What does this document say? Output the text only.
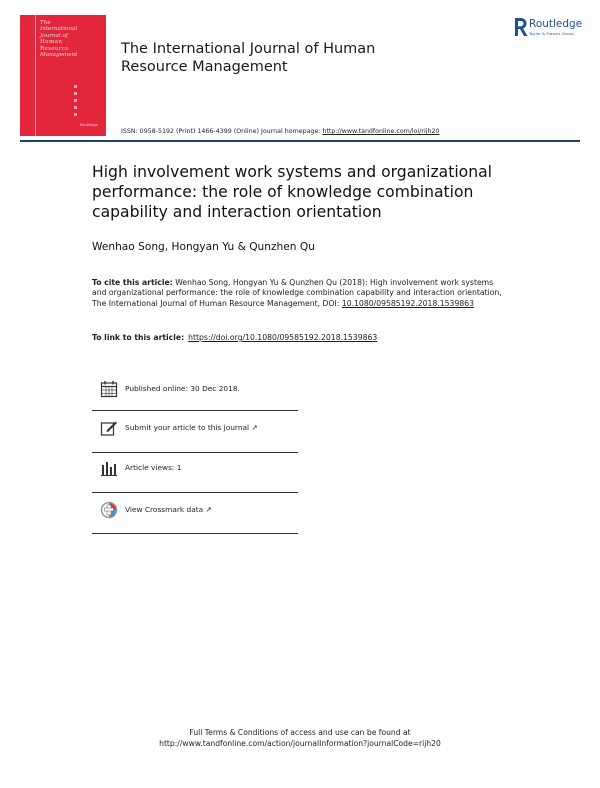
The
International
Journal of
Human
Resource
Management
Routledge
The International Journal of Human Resource Management
Routledge
Taylor & Francis Group
ISSN: 0958-5192 (Print) 1466-4399 (Online) Journal homepage: http://www.tandfonline.com/loi/rijh20
High involvement work systems and organizational performance: the role of knowledge combination capability and interaction orientation
Wenhao Song, Hongyan Yu & Qunzhen Qu
To cite this article: Wenhao Song, Hongyan Yu & Qunzhen Qu (2018): High involvement work systems and organizational performance: the role of knowledge combination capability and interaction orientation, The International Journal of Human Resource Management, DOI: 10.1080/09585192.2018.1539863
To link to this article: https://doi.org/10.1080/09585192.2018.1539863
Published online: 30 Dec 2018.
Submit your article to this journal ↗
Article views: 1
View Crossmark data ↗
Full Terms & Conditions of access and use can be found at
http://www.tandfonline.com/action/journalInformation?journalCode=rijh20
